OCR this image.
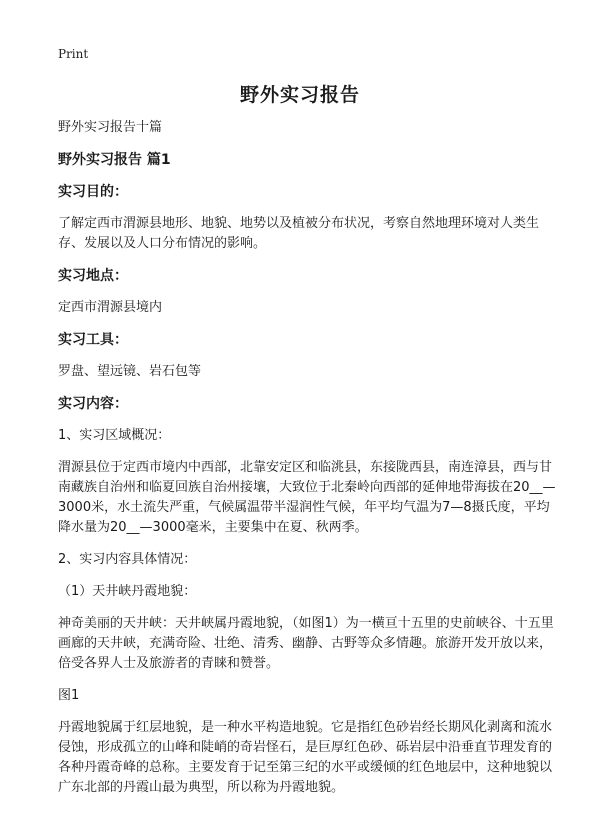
Print
野外实习报告

野外实习报告十篇

野外实习报告 篇1

实习目的：

了解定西市渭源县地形、地貌、地势以及植被分布状况，考察自然地理环境对人类生存、发展以及人口分布情况的影响。

实习地点：

定西市渭源县境内

实习工具：

罗盘、望远镜、岩石包等

实习内容：

1、实习区域概况：

渭源县位于定西市境内中西部，北靠安定区和临洮县，东接陇西县，南连漳县，西与甘南藏族自治州和临夏回族自治州接壤，大致位于北秦岭向西部的延伸地带海拔在20__—3000米，水土流失严重，气候属温带半湿润性气候，年平均气温为7—8摄氏度，平均降水量为20__—3000毫米，主要集中在夏、秋两季。

2、实习内容具体情况：

（1）天井峡丹霞地貌：

神奇美丽的天井峡：天井峡属丹霞地貌，（如图1）为一横亘十五里的史前峡谷、十五里画廊的天井峡，充满奇险、壮绝、清秀、幽静、古野等众多情趣。旅游开发开放以来，倍受各界人士及旅游者的青睐和赞誉。

图1

丹霞地貌属于红层地貌，是一种水平构造地貌。它是指红色砂岩经长期风化剥离和流水侵蚀，形成孤立的山峰和陡峭的奇岩怪石，是巨厚红色砂、砾岩层中沿垂直节理发育的各种丹霞奇峰的总称。主要发育于记至第三纪的水平或缓倾的红色地层中，这种地貌以广东北部的丹霞山最为典型，所以称为丹霞地貌。
